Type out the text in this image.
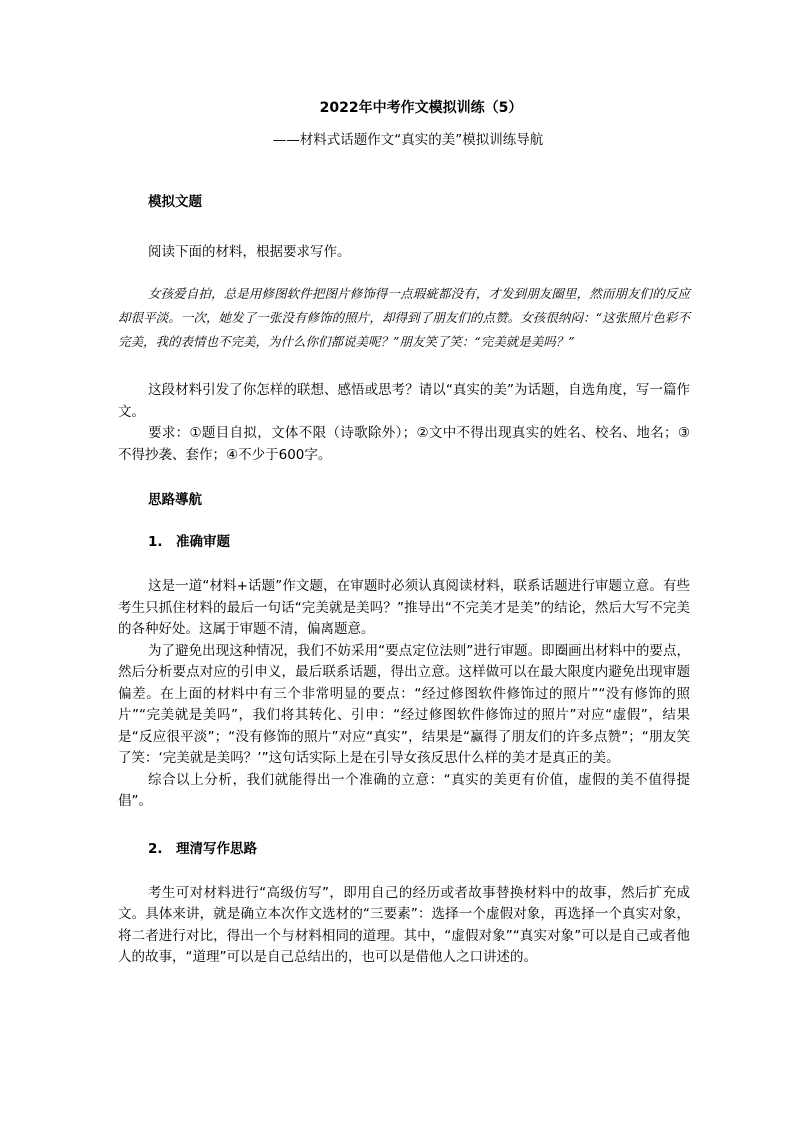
2022年中考作文模拟训练（5）

——材料式话题作文“真实的美”模拟训练导航

模拟文题

阅读下面的材料，根据要求写作。

女孩爱自拍，总是用修图软件把图片修饰得一点瑕疵都没有，才发到朋友圈里，然而朋友们的反应却很平淡。一次，她发了一张没有修饰的照片，却得到了朋友们的点赞。女孩很纳闷：“这张照片色彩不完美，我的表情也不完美，为什么你们都说美呢？”朋友笑了笑：“完美就是美吗？”

这段材料引发了你怎样的联想、感悟或思考？请以“真实的美”为话题，自选角度，写一篇作文。

要求：①题目自拟，文体不限（诗歌除外）；②文中不得出现真实的姓名、校名、地名；③不得抄袭、套作；④不少于600字。

思路導航

1. 准确审题

这是一道“材料+话题”作文题，在审题时必须认真阅读材料，联系话题进行审题立意。有些考生只抓住材料的最后一句话“完美就是美吗？”推导出“不完美才是美”的结论，然后大写不完美的各种好处。这属于审题不清，偏离题意。

为了避免出现这种情况，我们不妨采用“要点定位法则”进行审题。即圈画出材料中的要点，然后分析要点对应的引申义，最后联系话题，得出立意。这样做可以在最大限度内避免出现审题偏差。在上面的材料中有三个非常明显的要点：“经过修图软件修饰过的照片”“没有修饰的照片”“完美就是美吗”，我们将其转化、引申：“经过修图软件修饰过的照片”对应“虚假”，结果是“反应很平淡”；“没有修饰的照片”对应“真实”，结果是“赢得了朋友们的许多点赞”；“朋友笑了笑：‘完美就是美吗？’”这句话实际上是在引导女孩反思什么样的美才是真正的美。

综合以上分析，我们就能得出一个准确的立意：“真实的美更有价值，虚假的美不值得提倡”。

2. 理清写作思路

考生可对材料进行“高级仿写”，即用自己的经历或者故事替换材料中的故事，然后扩充成文。具体来讲，就是确立本次作文选材的“三要素”：选择一个虚假对象，再选择一个真实对象，将二者进行对比，得出一个与材料相同的道理。其中，“虚假对象”“真实对象”可以是自己或者他人的故事，“道理”可以是自己总结出的，也可以是借他人之口讲述的。
